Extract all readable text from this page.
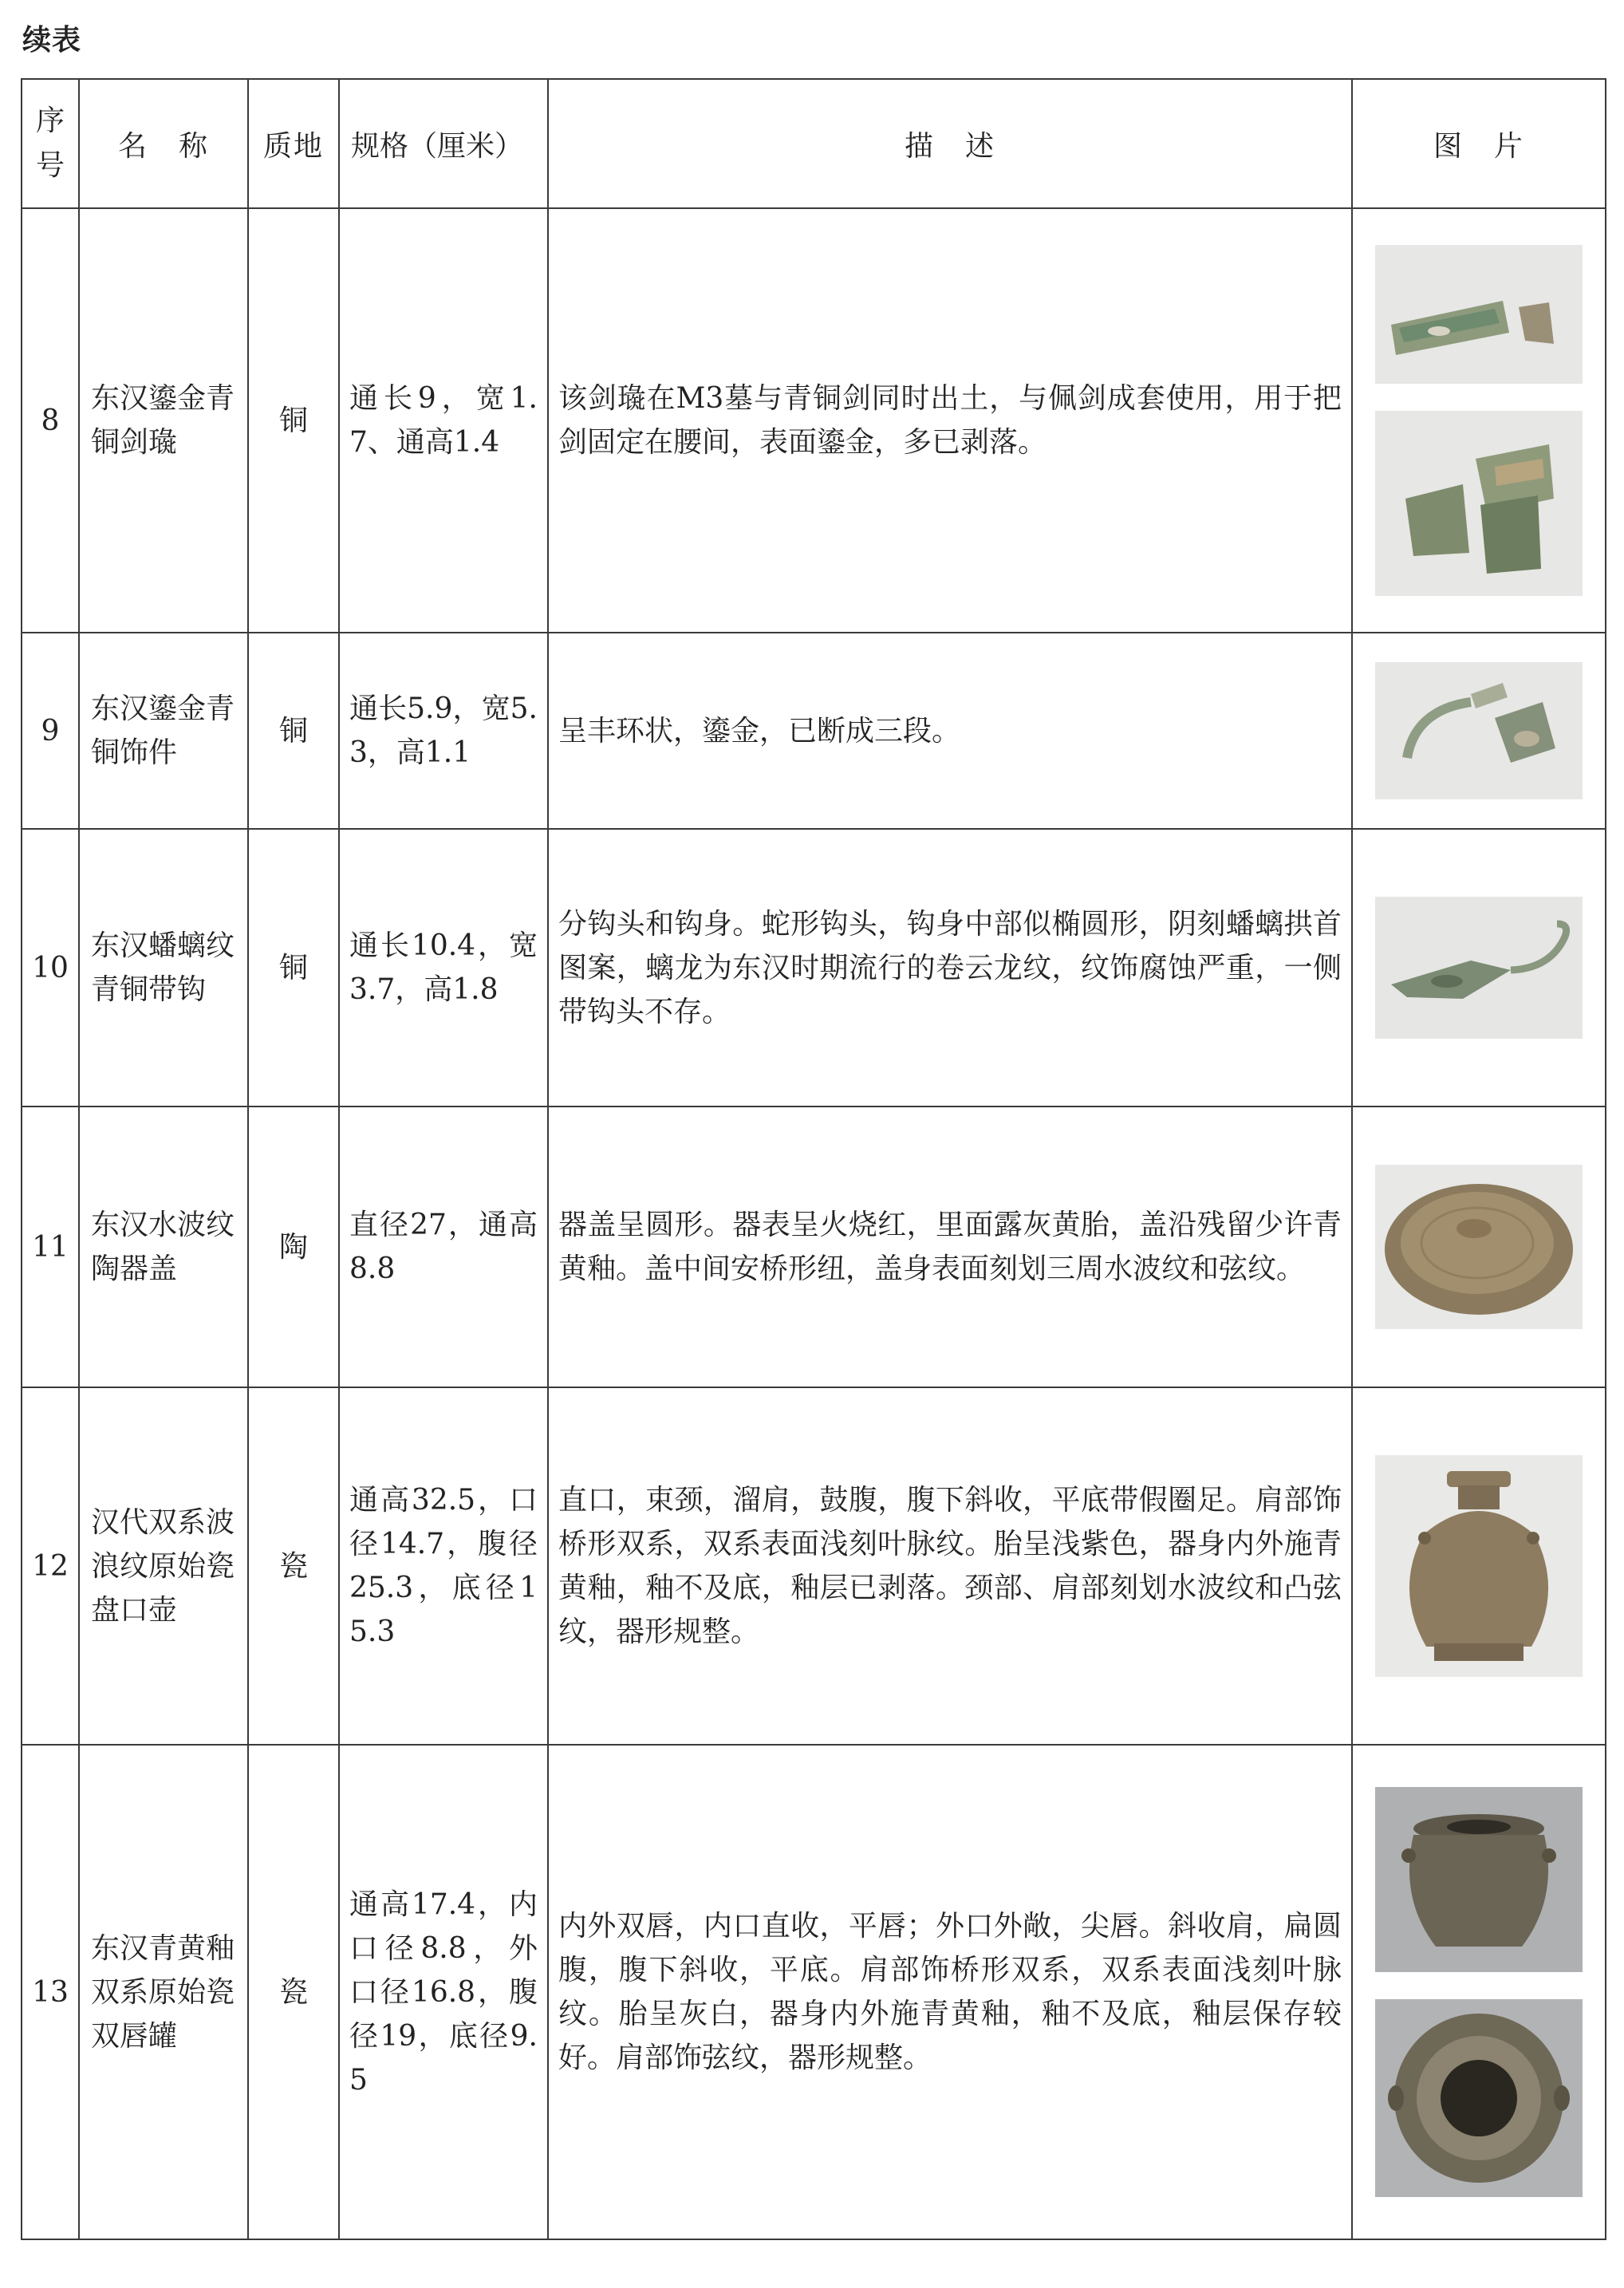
续表
序号	名　称	质地	规格（厘米）	描　述	图　片
8	东汉鎏金青铜剑璏	铜	通长9，宽1.7、通高1.4	该剑璏在M3墓与青铜剑同时出土，与佩剑成套使用，用于把剑固定在腰间，表面鎏金，多已剥落。	

9	东汉鎏金青铜饰件	铜	通长5.9，宽5.3，高1.1	呈丰环状，鎏金，已断成三段。	

10	东汉蟠螭纹青铜带钩	铜	通长10.4，宽3.7，高1.8	分钩头和钩身。蛇形钩头，钩身中部似椭圆形，阴刻蟠螭拱首图案，螭龙为东汉时期流行的卷云龙纹，纹饰腐蚀严重，一侧带钩头不存。	

11	东汉水波纹陶器盖	陶	直径27，通高8.8	器盖呈圆形。器表呈火烧红，里面露灰黄胎，盖沿残留少许青黄釉。盖中间安桥形纽，盖身表面刻划三周水波纹和弦纹。	

12	汉代双系波浪纹原始瓷盘口壶	瓷	通高32.5，口径14.7，腹径25.3，底径15.3	直口，束颈，溜肩，鼓腹，腹下斜收，平底带假圈足。肩部饰桥形双系，双系表面浅刻叶脉纹。胎呈浅紫色，器身内外施青黄釉，釉不及底，釉层已剥落。颈部、肩部刻划水波纹和凸弦纹，器形规整。	

13	东汉青黄釉双系原始瓷双唇罐	瓷	通高17.4，内口径8.8，外口径16.8，腹径19，底径9.5	内外双唇，内口直收，平唇；外口外敞，尖唇。斜收肩，扁圆腹，腹下斜收，平底。肩部饰桥形双系，双系表面浅刻叶脉纹。胎呈灰白，器身内外施青黄釉，釉不及底，釉层保存较好。肩部饰弦纹，器形规整。	
